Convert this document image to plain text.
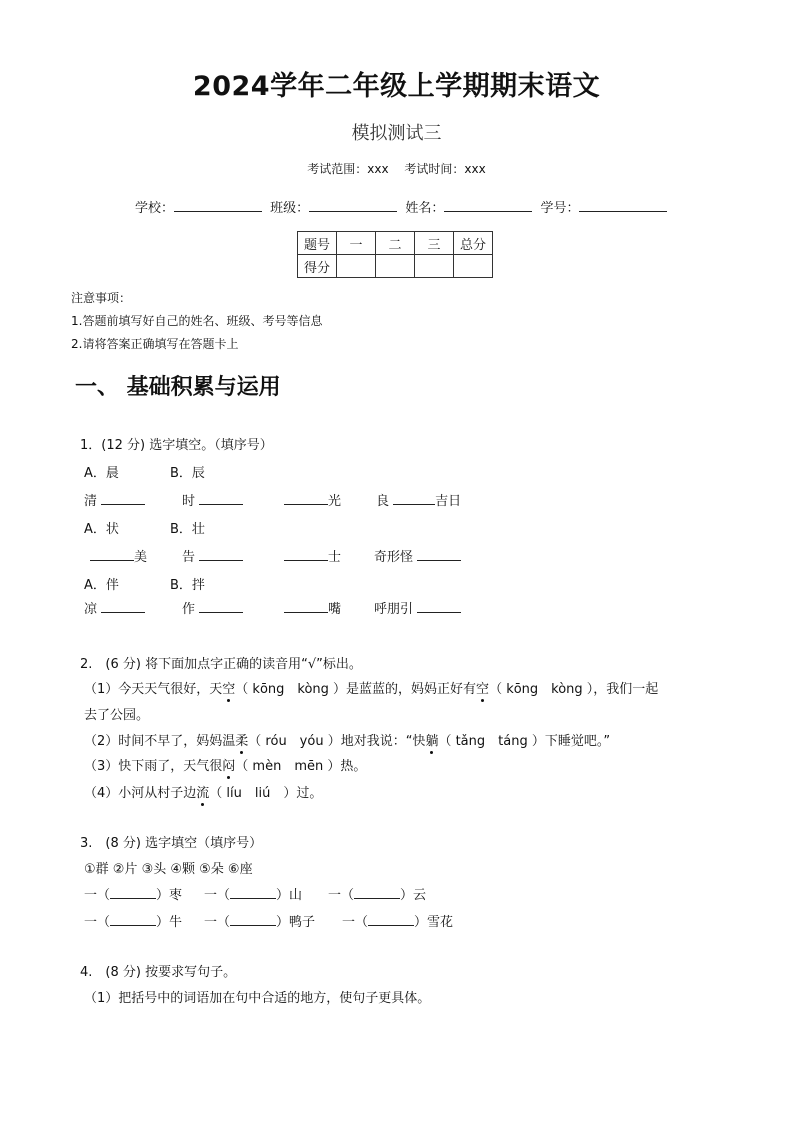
2024学年二年级上学期期末语文
模拟测试三
考试范围：xxx 考试时间：xxx
学校：	班级：	姓名：	学号：
题号	一	二	三	总分
得分				
注意事项：
1.答题前填写好自己的姓名、班级、考号等信息
2.请将答案正确填写在答题卡上
一、 基础积累与运用
1．(12 分) 选字填空。（填序号）
A．晨	B．辰
清	时	光	良	吉日
A．状	B．壮
美	告	士	奇形怪
A．伴	B．拌
凉	作	嘴	呼朋引
2.　(6 分) 将下面加点字正确的读音用“√”标出。
（1）今天天气很好，天空（ kōng　kòng ）是蓝蓝的，妈妈正好有空（ kōng　kòng ），我们一起
去了公园。
（2）时间不早了，妈妈温柔（ róu　yóu ）地对我说：“快躺（ tǎng　táng ）下睡觉吧。”
（3）快下雨了，天气很闷（ mèn　mēn ）热。
（4）小河从村子边流（ líu　liú　）过。
3.　(8 分) 选字填空（填序号）
①群 ②片 ③头 ④颗 ⑤朵 ⑥座
一（	）枣 一（	）山 一（	）云
一（	）牛 一（	）鸭子 一（	）雪花
4.　(8 分) 按要求写句子。
（1）把括号中的词语加在句中合适的地方，使句子更具体。
